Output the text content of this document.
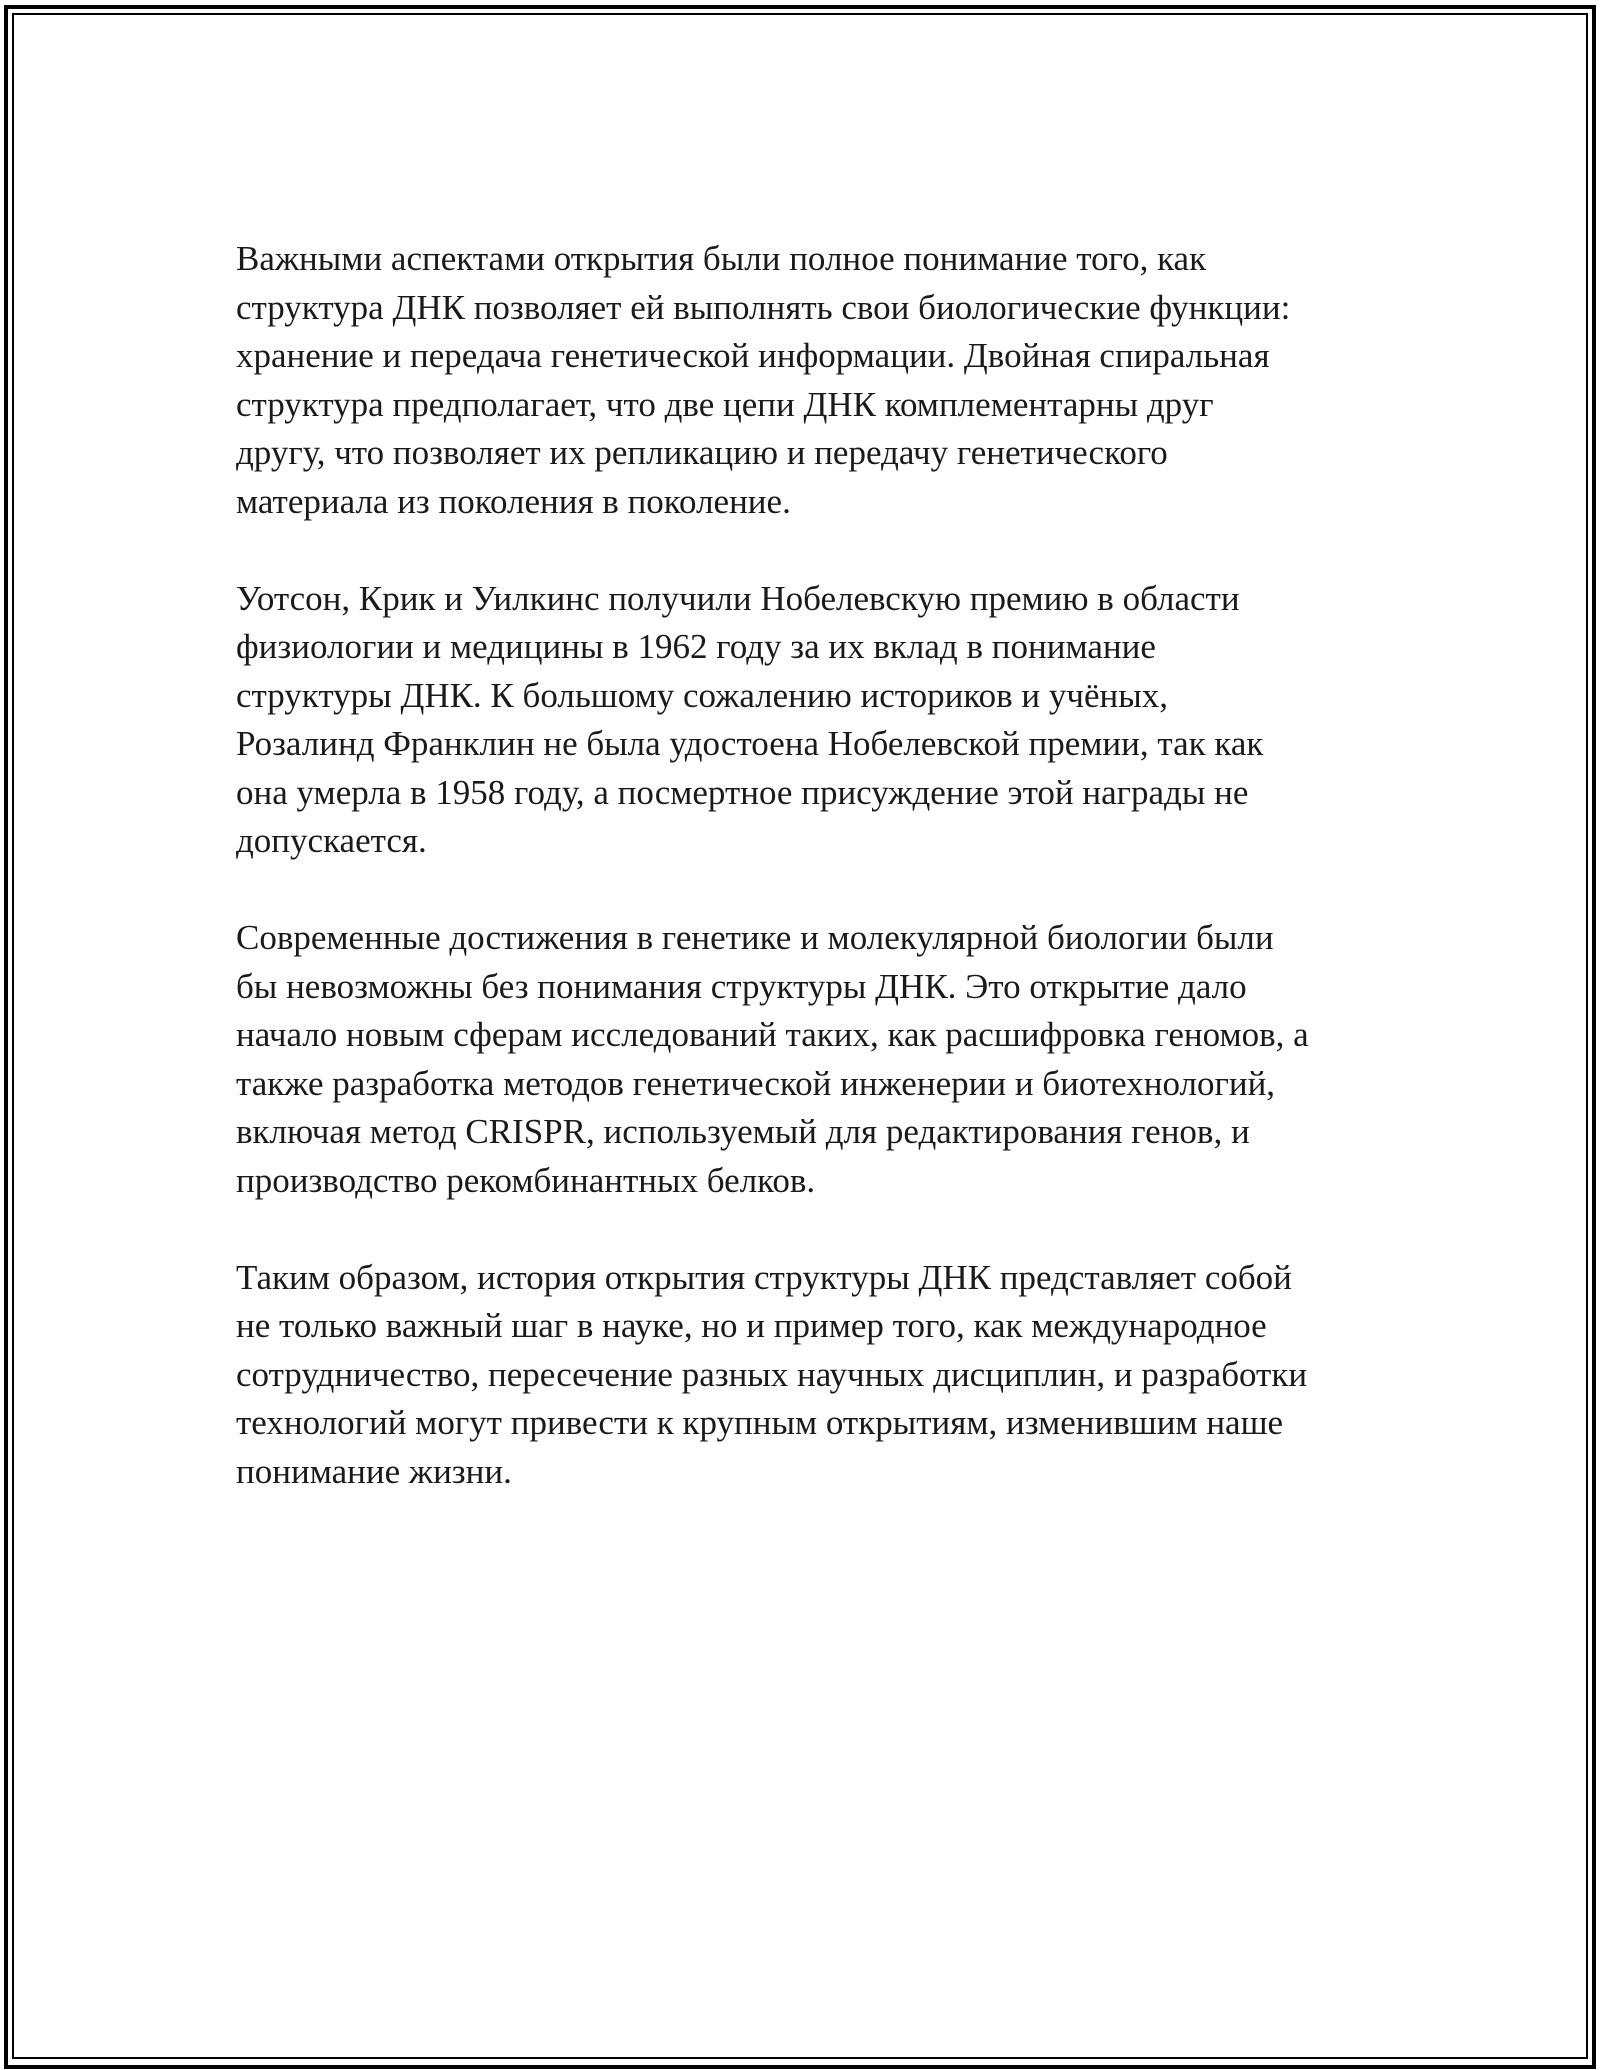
Важными аспектами открытия были полное понимание того, как
структура ДНК позволяет ей выполнять свои биологические функции:
хранение и передача генетической информации. Двойная спиральная
структура предполагает, что две цепи ДНК комплементарны друг
другу, что позволяет их репликацию и передачу генетического
материала из поколения в поколение.

Уотсон, Крик и Уилкинс получили Нобелевскую премию в области
физиологии и медицины в 1962 году за их вклад в понимание
структуры ДНК. К большому сожалению историков и учёных,
Розалинд Франклин не была удостоена Нобелевской премии, так как
она умерла в 1958 году, а посмертное присуждение этой награды не
допускается.

Современные достижения в генетике и молекулярной биологии были
бы невозможны без понимания структуры ДНК. Это открытие дало
начало новым сферам исследований таких, как расшифровка геномов, а
также разработка методов генетической инженерии и биотехнологий,
включая метод CRISPR, используемый для редактирования генов, и
производство рекомбинантных белков.

Таким образом, история открытия структуры ДНК представляет собой
не только важный шаг в науке, но и пример того, как международное
сотрудничество, пересечение разных научных дисциплин, и разработки
технологий могут привести к крупным открытиям, изменившим наше
понимание жизни.
